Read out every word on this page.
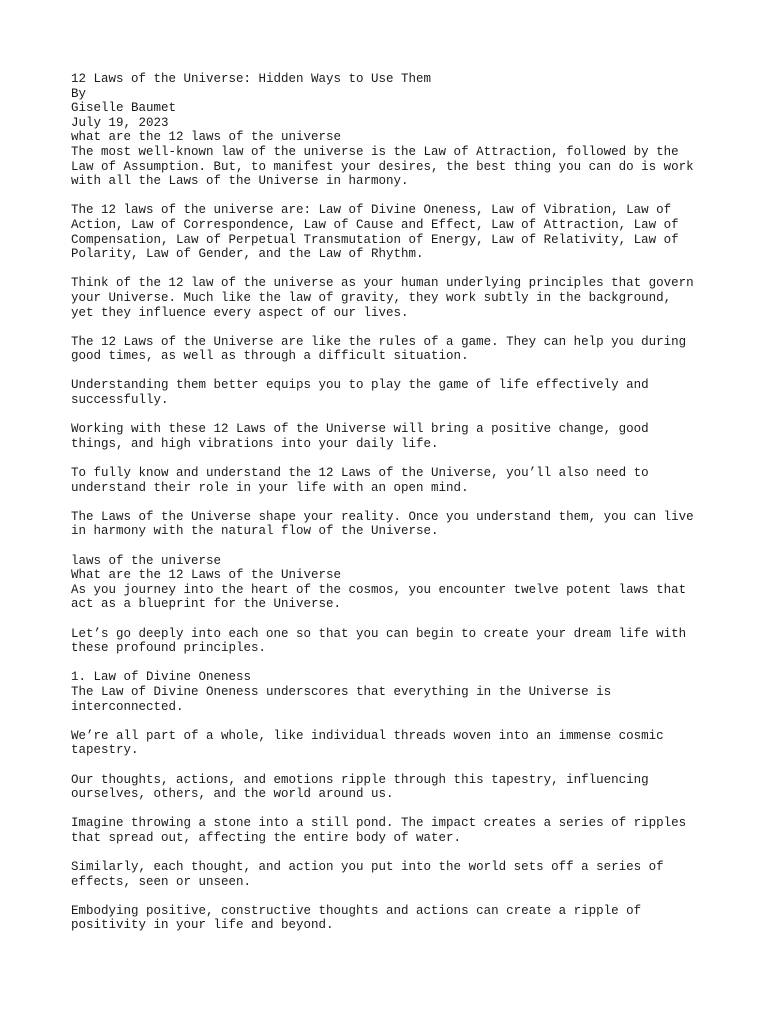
12 Laws of the Universe: Hidden Ways to Use Them
By
Giselle Baumet
July 19, 2023
what are the 12 laws of the universe
The most well-known law of the universe is the Law of Attraction, followed by the
Law of Assumption. But, to manifest your desires, the best thing you can do is work
with all the Laws of the Universe in harmony.
The 12 laws of the universe are: Law of Divine Oneness, Law of Vibration, Law of
Action, Law of Correspondence, Law of Cause and Effect, Law of Attraction, Law of
Compensation, Law of Perpetual Transmutation of Energy, Law of Relativity, Law of
Polarity, Law of Gender, and the Law of Rhythm.
Think of the 12 law of the universe as your human underlying principles that govern
your Universe. Much like the law of gravity, they work subtly in the background,
yet they influence every aspect of our lives.
The 12 Laws of the Universe are like the rules of a game. They can help you during
good times, as well as through a difficult situation.
Understanding them better equips you to play the game of life effectively and
successfully.
Working with these 12 Laws of the Universe will bring a positive change, good
things, and high vibrations into your daily life.
To fully know and understand the 12 Laws of the Universe, you’ll also need to
understand their role in your life with an open mind.
The Laws of the Universe shape your reality. Once you understand them, you can live
in harmony with the natural flow of the Universe.
laws of the universe
What are the 12 Laws of the Universe
As you journey into the heart of the cosmos, you encounter twelve potent laws that
act as a blueprint for the Universe.
Let’s go deeply into each one so that you can begin to create your dream life with
these profound principles.
1. Law of Divine Oneness
The Law of Divine Oneness underscores that everything in the Universe is
interconnected.
We’re all part of a whole, like individual threads woven into an immense cosmic
tapestry.
Our thoughts, actions, and emotions ripple through this tapestry, influencing
ourselves, others, and the world around us.
Imagine throwing a stone into a still pond. The impact creates a series of ripples
that spread out, affecting the entire body of water.
Similarly, each thought, and action you put into the world sets off a series of
effects, seen or unseen.
Embodying positive, constructive thoughts and actions can create a ripple of
positivity in your life and beyond.
